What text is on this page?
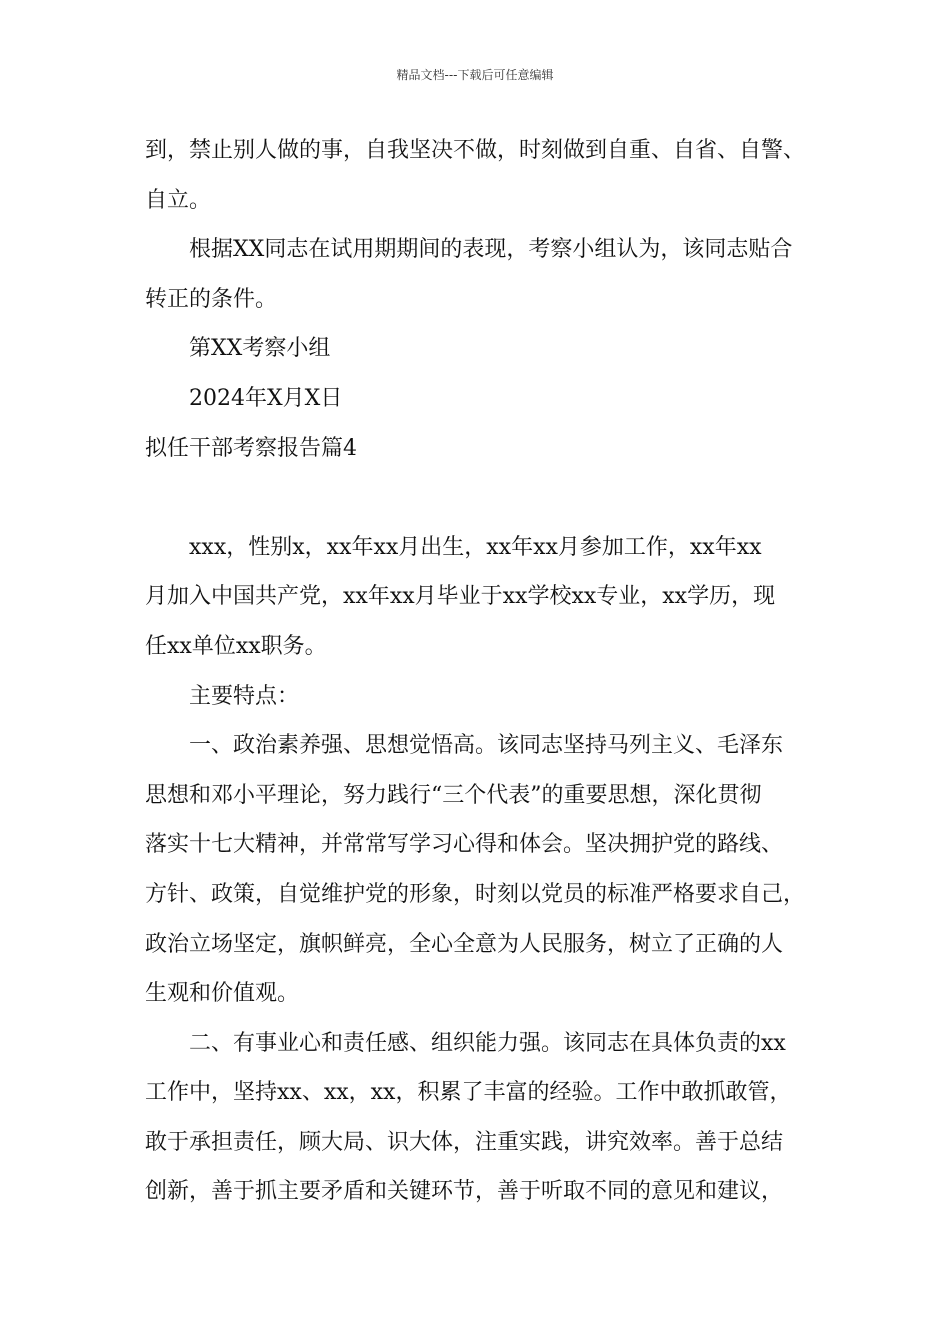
精品文档---下载后可任意编辑

到，禁止别人做的事，自我坚决不做，时刻做到自重、自省、自警、

自立。

根据XX同志在试用期期间的表现，考察小组认为，该同志贴合

转正的条件。

第XX考察小组

2024年X月X日

拟任干部考察报告篇4

xxx，性别x，xx年xx月出生，xx年xx月参加工作，xx年xx

月加入中国共产党，xx年xx月毕业于xx学校xx专业，xx学历，现

任xx单位xx职务。

主要特点：

一、政治素养强、思想觉悟高。该同志坚持马列主义、毛泽东

思想和邓小平理论，努力践行“三个代表”的重要思想，深化贯彻

落实十七大精神，并常常写学习心得和体会。坚决拥护党的路线、

方针、政策，自觉维护党的形象，时刻以党员的标准严格要求自己，

政治立场坚定，旗帜鲜亮，全心全意为人民服务，树立了正确的人

生观和价值观。

二、有事业心和责任感、组织能力强。该同志在具体负责的xx

工作中，坚持xx、xx，xx，积累了丰富的经验。工作中敢抓敢管，

敢于承担责任，顾大局、识大体，注重实践，讲究效率。善于总结

创新，善于抓主要矛盾和关键环节，善于听取不同的意见和建议，
